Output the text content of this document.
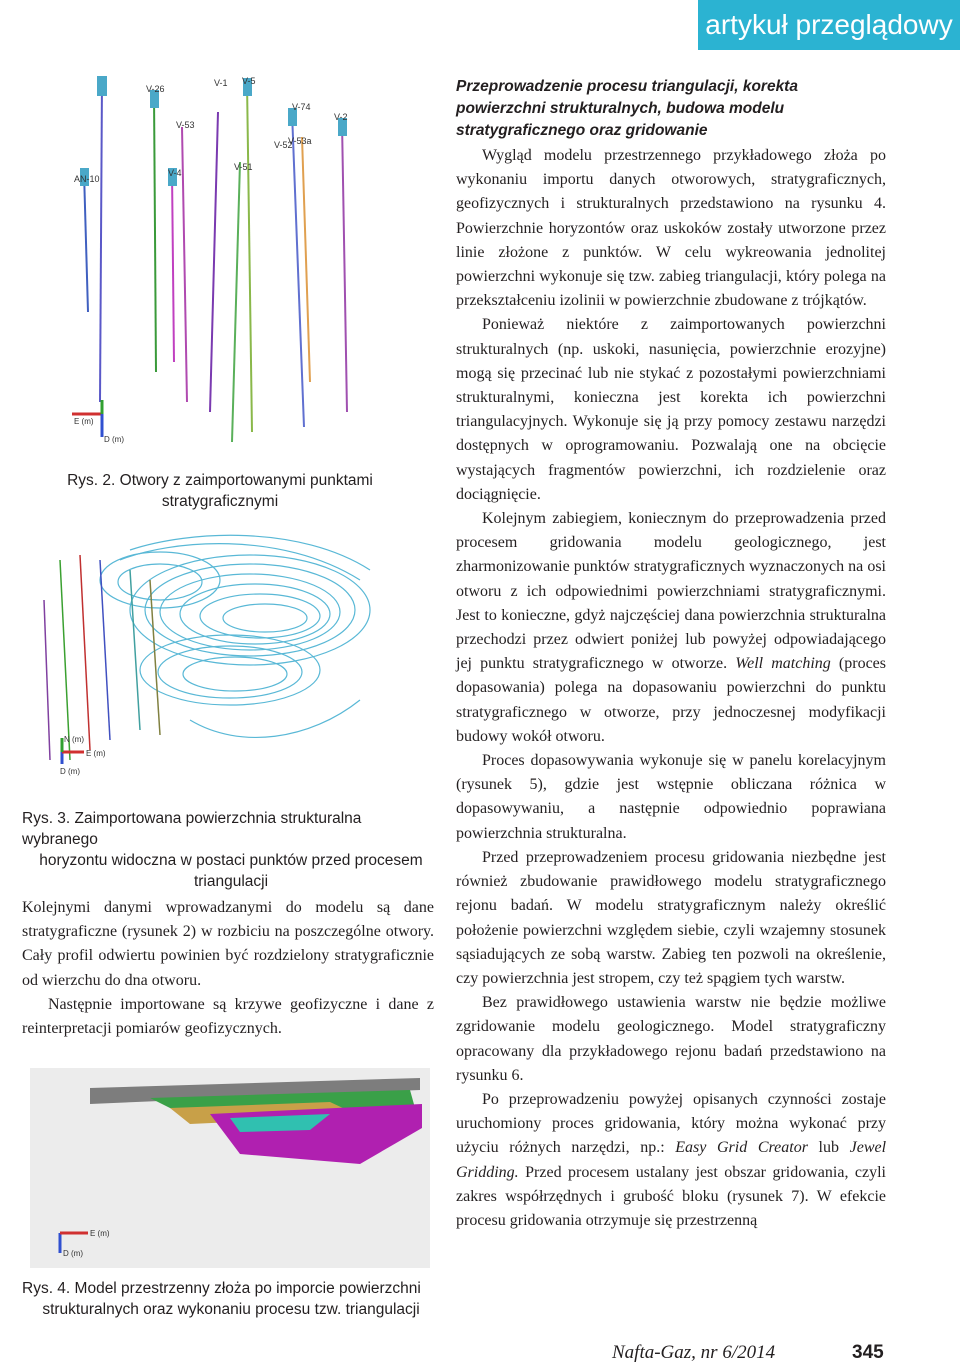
artykuł przeglądowy
V-26
V-1 V-5
V-53
V-74
V-2
V-52
V-53a
V-51
V-4
AN-10
E (m)
D (m)
Rys. 2. Otwory z zaimportowanymi punktami stratygraficznymi
N (m)
E (m)
D (m)
Rys. 3. Zaimportowana powierzchnia strukturalna wybranego
horyzontu widoczna w postaci punktów przed procesem triangulacji

Kolejnymi danymi wprowadzanymi do modelu są dane stratygraficzne (rysunek 2) w rozbiciu na poszczególne otwory. Cały profil odwiertu powinien być rozdzielony stratygraficznie od wierzchu do dna otworu.

Następnie importowane są krzywe geofizyczne i dane z reinterpretacji pomiarów geofizycznych.

E (m)
D (m)
Rys. 4. Model przestrzenny złoża po imporcie powierzchni
strukturalnych oraz wykonaniu procesu tzw. triangulacji
Przeprowadzenie procesu triangulacji, korekta powierzchni strukturalnych, budowa modelu stratygraficznego oraz gridowanie

Wygląd modelu przestrzennego przykładowego złoża po wykonaniu importu danych otworowych, stratygraficznych, geofizycznych i strukturalnych przedstawiono na rysunku 4. Powierzchnie horyzontów oraz uskoków zostały utworzone przez linie złożone z punktów. W celu wykreowania jednolitej powierzchni wykonuje się tzw. zabieg triangulacji, który polega na przekształceniu izolinii w powierzchnie zbudowane z trójkątów.

Ponieważ niektóre z zaimportowanych powierzchni strukturalnych (np. uskoki, nasunięcia, powierzchnie erozyjne) mogą się przecinać lub nie stykać z pozostałymi powierzchniami strukturalnymi, konieczna jest korekta ich powierzchni triangulacyjnych. Wykonuje się ją przy pomocy zestawu narzędzi dostępnych w oprogramowaniu. Pozwalają one na obcięcie wystających fragmentów powierzchni, ich rozdzielenie oraz dociągnięcie.

Kolejnym zabiegiem, koniecznym do przeprowadzenia przed procesem gridowania modelu geologicznego, jest zharmonizowanie punktów stratygraficznych wyznaczonych na osi otworu z ich odpowiednimi powierzchniami stratygraficznymi. Jest to konieczne, gdyż najczęściej dana powierzchnia strukturalna przechodzi przez odwiert poniżej lub powyżej odpowiadającego jej punktu stratygraficznego w otworze. Well matching (proces dopasowania) polega na dopasowaniu powierzchni do punktu stratygraficznego w otworze, przy jednoczesnej modyfikacji budowy wokół otworu.

Proces dopasowywania wykonuje się w panelu korelacyjnym (rysunek 5), gdzie jest wstępnie obliczana różnica w dopasowywaniu, a następnie odpowiednio poprawiana powierzchnia strukturalna.

Przed przeprowadzeniem procesu gridowania niezbędne jest również zbudowanie prawidłowego modelu stratygraficznego rejonu badań. W modelu stratygraficznym należy określić położenie powierzchni względem siebie, czyli wzajemny stosunek sąsiadujących ze sobą warstw. Zabieg ten pozwoli na określenie, czy powierzchnia jest stropem, czy też spągiem tych warstw.

Bez prawidłowego ustawienia warstw nie będzie możliwe zgridowanie modelu geologicznego. Model stratygraficzny opracowany dla przykładowego rejonu badań przedstawiono na rysunku 6.

Po przeprowadzeniu powyżej opisanych czynności zostaje uruchomiony proces gridowania, który można wykonać przy użyciu różnych narzędzi, np.: Easy Grid Creator lub Jewel Gridding. Przed procesem ustalany jest obszar gridowania, czyli zakres współrzędnych i grubość bloku (rysunek 7). W efekcie procesu gridowania otrzymuje się przestrzenną

Nafta-Gaz, nr 6/2014	345
